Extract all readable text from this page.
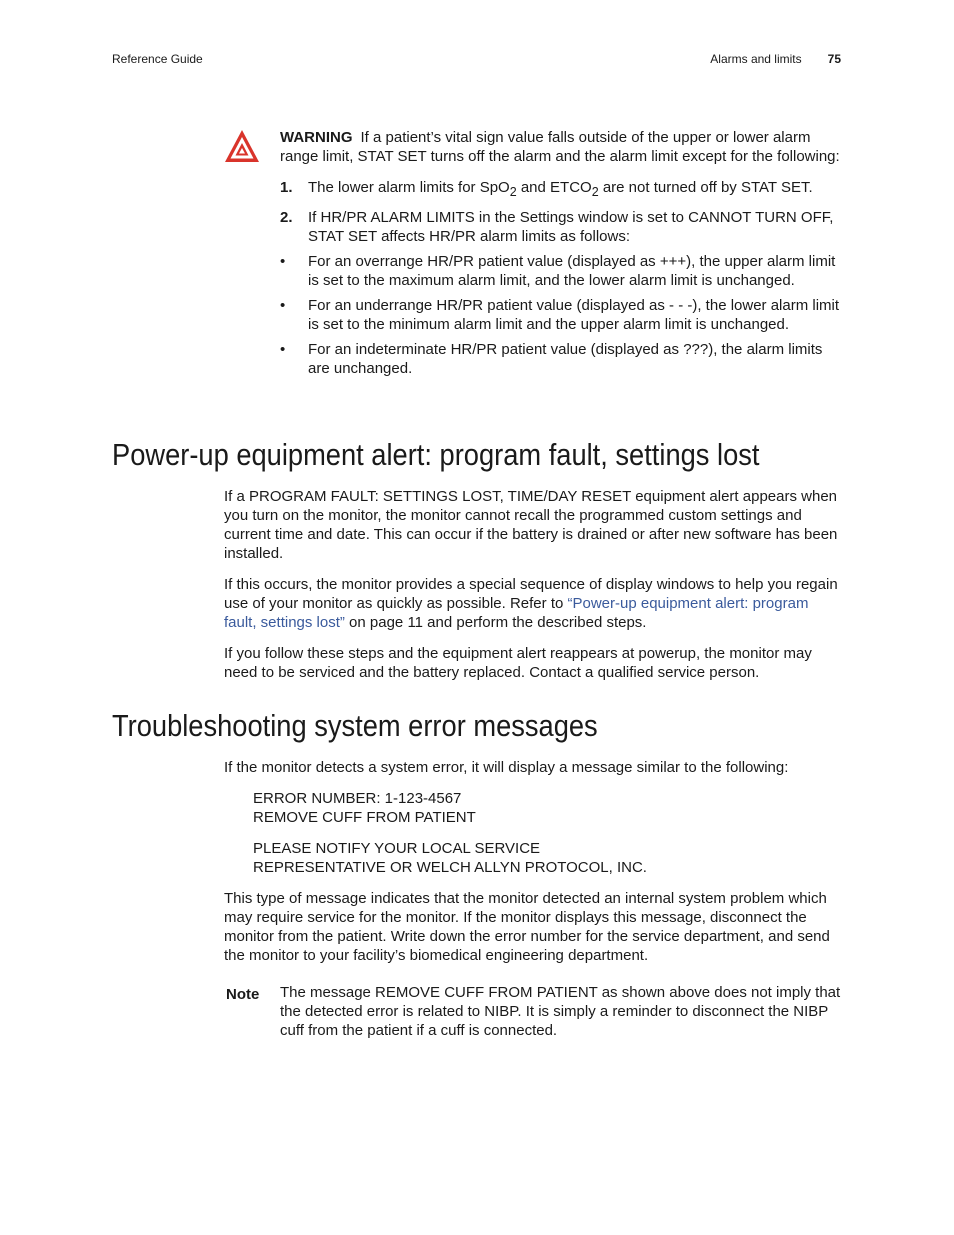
Reference Guide	Alarms and limits 75

WARNING If a patient’s vital sign value falls outside of the upper or lower alarm range limit, STAT SET turns off the alarm and the alarm limit except for the following:

1. The lower alarm limits for SpO$_2$ and $ETCO_2$ are not turned off by STAT SET.
2. If HR/PR ALARM LIMITS in the Settings window is set to CANNOT TURN OFF, STAT SET affects HR/PR alarm limits as follows:
• For an overrange HR/PR patient value (displayed as +++), the upper alarm limit is set to the maximum alarm limit, and the lower alarm limit is unchanged.
• For an underrange HR/PR patient value (displayed as - - -), the lower alarm limit is set to the minimum alarm limit and the upper alarm limit is unchanged.
• For an indeterminate HR/PR patient value (displayed as ???), the alarm limits are unchanged.
Power-up equipment alert: program fault, settings lost

If a PROGRAM FAULT: SETTINGS LOST, TIME/DAY RESET equipment alert appears when you turn on the monitor, the monitor cannot recall the programmed custom settings and current time and date. This can occur if the battery is drained or after new software has been installed.

If this occurs, the monitor provides a special sequence of display windows to help you regain use of your monitor as quickly as possible. Refer to “Power-up equipment alert: program fault, settings lost” on page 11 and perform the described steps.

If you follow these steps and the equipment alert reappears at powerup, the monitor may need to be serviced and the battery replaced. Contact a qualified service person.

Troubleshooting system error messages

If the monitor detects a system error, it will display a message similar to the following:

ERROR NUMBER: 1-123-4567
REMOVE CUFF FROM PATIENT

PLEASE NOTIFY YOUR LOCAL SERVICE
REPRESENTATIVE OR WELCH ALLYN PROTOCOL, INC.

This type of message indicates that the monitor detected an internal system problem which may require service for the monitor. If the monitor displays this message, disconnect the monitor from the patient. Write down the error number for the service department, and send the monitor to your facility’s biomedical engineering department.

Note The message REMOVE CUFF FROM PATIENT as shown above does not imply that the detected error is related to NIBP. It is simply a reminder to disconnect the NIBP cuff from the patient if a cuff is connected.
